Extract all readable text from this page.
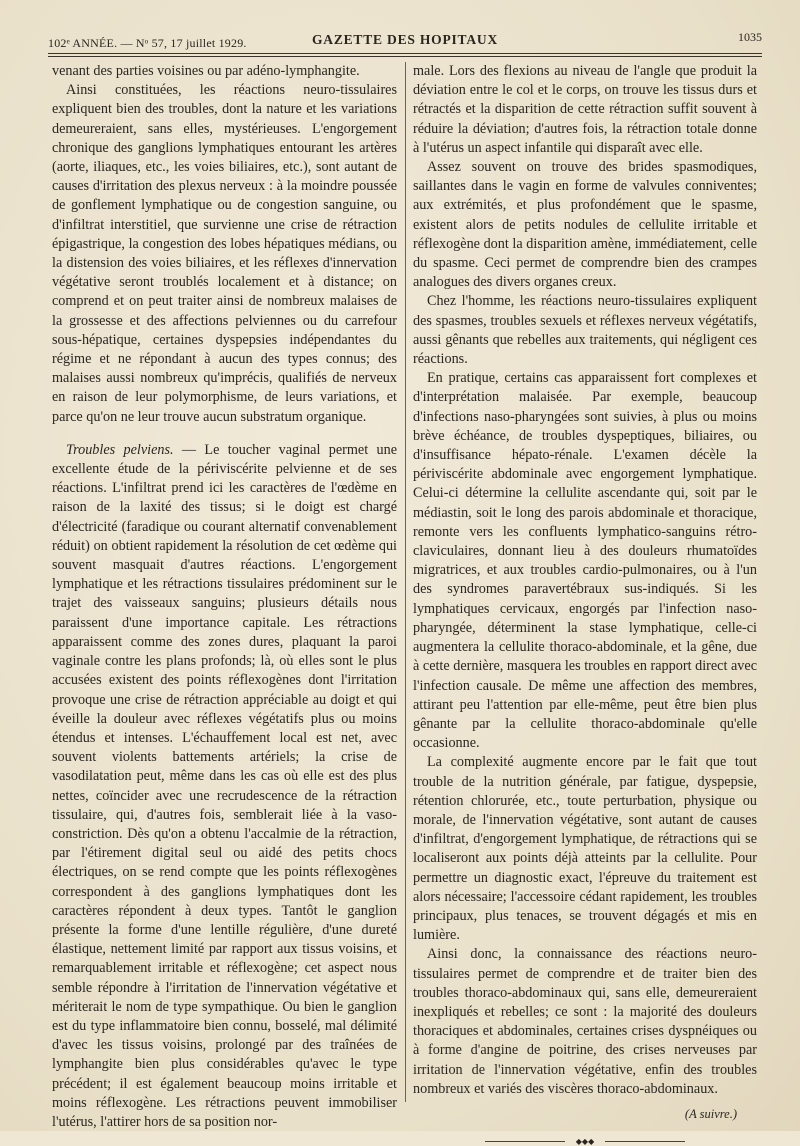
102ᵉ ANNÉE. — Nᵒ 57, 17 juillet 1929.	GAZETTE DES HOPITAUX	1035

venant des parties voisines ou par adéno-lymphangite.

Ainsi constituées, les réactions neuro-tissulaires expliquent bien des troubles, dont la nature et les variations demeureraient, sans elles, mystérieuses. L'engorgement chronique des ganglions lymphatiques entourant les artères (aorte, iliaques, etc., les voies biliaires, etc.), sont autant de causes d'irritation des plexus nerveux : à la moindre poussée de gonflement lymphatique ou de congestion sanguine, ou d'infiltrat interstitiel, que survienne une crise de rétraction épigastrique, la congestion des lobes hépatiques médians, ou la distension des voies biliaires, et les réflexes d'innervation végétative seront troublés localement et à distance; on comprend et on peut traiter ainsi de nombreux malaises de la grossesse et des affections pelviennes ou du carrefour sous-hépatique, certaines dyspepsies indépendantes du régime et ne répondant à aucun des types connus; des malaises aussi nombreux qu'imprécis, qualifiés de nerveux en raison de leur polymorphisme, de leurs variations, et parce qu'on ne leur trouve aucun substratum organique.

Troubles pelviens. — Le toucher vaginal permet une excellente étude de la périviscérite pelvienne et de ses réactions. L'infiltrat prend ici les caractères de l'œdème en raison de la laxité des tissus; si le doigt est chargé d'électricité (faradique ou courant alternatif convenablement réduit) on obtient rapidement la résolution de cet œdème qui souvent masquait d'autres réactions. L'engorgement lymphatique et les rétractions tissulaires prédominent sur le trajet des vaisseaux sanguins; plusieurs détails nous paraissent d'une importance capitale. Les rétractions apparaissent comme des zones dures, plaquant la paroi vaginale contre les plans profonds; là, où elles sont le plus accusées existent des points réflexogènes dont l'irritation provoque une crise de rétraction appréciable au doigt et qui éveille la douleur avec réflexes végétatifs plus ou moins étendus et intenses. L'échauffement local est net, avec souvent violents battements artériels; la crise de vasodilatation peut, même dans les cas où elle est des plus nettes, coïncider avec une recrudescence de la rétraction tissulaire, qui, d'autres fois, semblerait liée à la vaso-constriction. Dès qu'on a obtenu l'accalmie de la rétraction, par l'étirement digital seul ou aidé des petits chocs électriques, on se rend compte que les points réflexogènes correspondent à des ganglions lymphatiques dont les caractères répondent à deux types. Tantôt le ganglion présente la forme d'une lentille régulière, d'une dureté élastique, nettement limité par rapport aux tissus voisins, et remarquablement irritable et réflexogène; cet aspect nous semble répondre à l'irritation de l'innervation végétative et mériterait le nom de type sympathique. Ou bien le ganglion est du type inflammatoire bien connu, bosselé, mal délimité d'avec les tissus voisins, prolongé par des traînées de lymphangite bien plus considérables qu'avec le type précédent; il est également beaucoup moins irritable et moins réflexogène. Les rétractions peuvent immobiliser l'utérus, l'attirer hors de sa position nor-

male. Lors des flexions au niveau de l'angle que produit la déviation entre le col et le corps, on trouve les tissus durs et rétractés et la disparition de cette rétraction suffit souvent à réduire la déviation; d'autres fois, la rétraction totale donne à l'utérus un aspect infantile qui disparaît avec elle.

Assez souvent on trouve des brides spasmodiques, saillantes dans le vagin en forme de valvules conniventes; aux extrémités, et plus profondément que le spasme, existent alors de petits nodules de cellulite irritable et réflexogène dont la disparition amène, immédiatement, celle du spasme. Ceci permet de comprendre bien des crampes analogues des divers organes creux.

Chez l'homme, les réactions neuro-tissulaires expliquent des spasmes, troubles sexuels et réflexes nerveux végétatifs, aussi gênants que rebelles aux traitements, qui négligent ces réactions.

En pratique, certains cas apparaissent fort complexes et d'interprétation malaisée. Par exemple, beaucoup d'infections naso-pharyngées sont suivies, à plus ou moins brève échéance, de troubles dyspeptiques, biliaires, ou d'insuffisance hépato-rénale. L'examen décèle la périviscérite abdominale avec engorgement lymphatique. Celui-ci détermine la cellulite ascendante qui, soit par le médiastin, soit le long des parois abdominale et thoracique, remonte vers les confluents lymphatico-sanguins rétro-claviculaires, donnant lieu à des douleurs rhumatoïdes migratrices, et aux troubles cardio-pulmonaires, ou à l'un des syndromes paravertébraux sus-indiqués. Si les lymphatiques cervicaux, engorgés par l'infection naso-pharyngée, déterminent la stase lymphatique, celle-ci augmentera la cellulite thoraco-abdominale, et la gêne, due à cette dernière, masquera les troubles en rapport direct avec l'infection causale. De même une affection des membres, attirant peu l'attention par elle-même, peut être bien plus gênante par la cellulite thoraco-abdominale qu'elle occasionne.

La complexité augmente encore par le fait que tout trouble de la nutrition générale, par fatigue, dyspepsie, rétention chlorurée, etc., toute perturbation, physique ou morale, de l'innervation végétative, sont autant de causes d'infiltrat, d'engorgement lymphatique, de rétractions qui se localiseront aux points déjà atteints par la cellulite. Pour permettre un diagnostic exact, l'épreuve du traitement est alors nécessaire; l'accessoire cédant rapidement, les troubles principaux, plus tenaces, se trouvent dégagés et mis en lumière.

Ainsi donc, la connaissance des réactions neuro-tissulaires permet de comprendre et de traiter bien des troubles thoraco-abdominaux qui, sans elle, demeureraient inexpliqués et rebelles; ce sont : la majorité des douleurs thoraciques et abdominales, certaines crises dyspnéiques ou à forme d'angine de poitrine, des crises nerveuses par irritation de l'innervation végétative, enfin des troubles nombreux et variés des viscères thoraco-abdominaux.

(A suivre.)
◆◆◆
